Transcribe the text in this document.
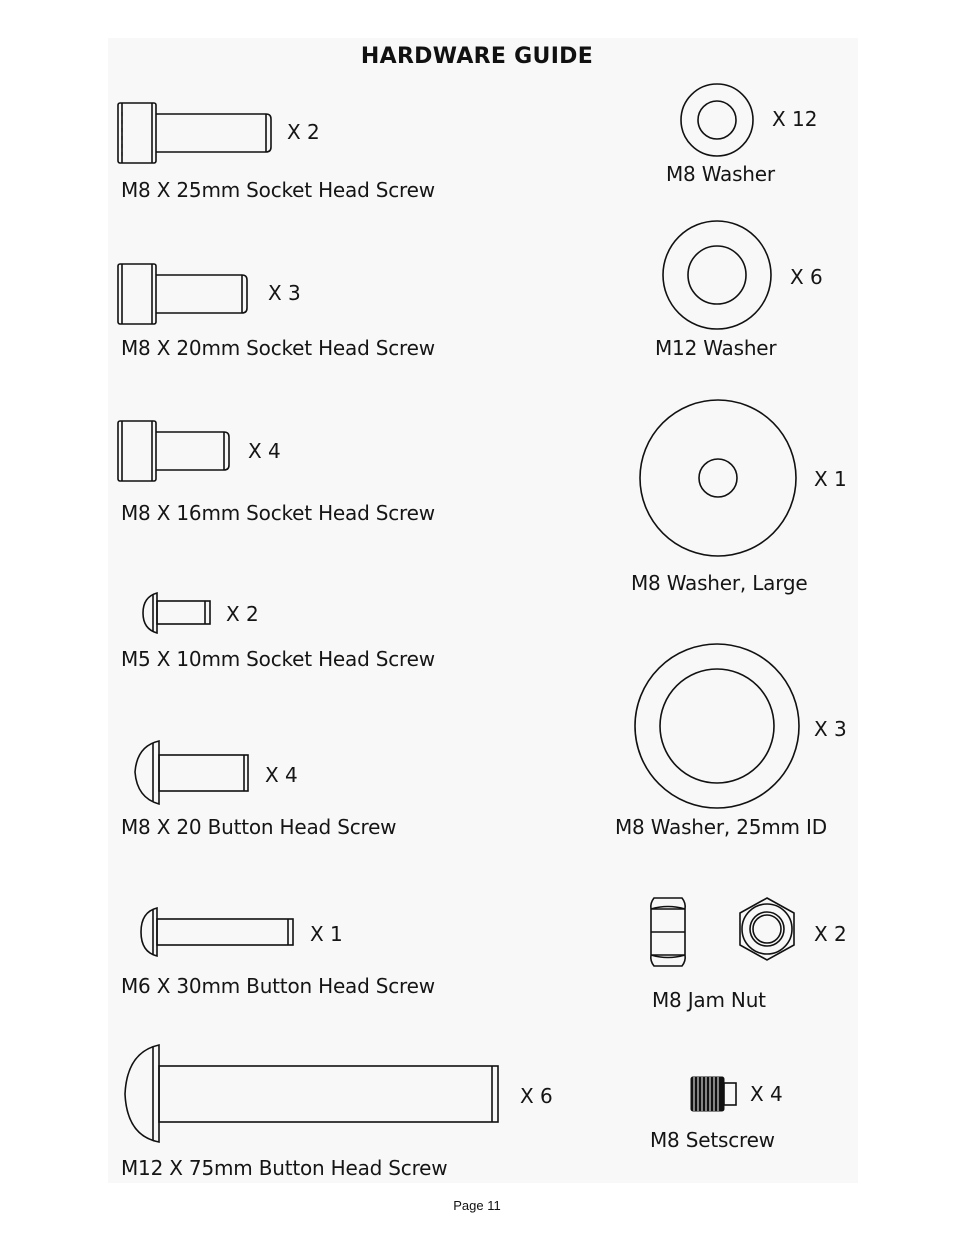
HARDWARE GUIDE
X 2
M8 X 25mm Socket Head Screw
X 3
M8 X 20mm Socket Head Screw
X 4
M8 X 16mm Socket Head Screw
X 2
M5 X 10mm Socket Head Screw
X 4
M8 X 20 Button Head Screw
X 1
M6 X 30mm Button Head Screw
X 6
M12 X 75mm Button Head Screw
X 12
M8 Washer
X 6
M12 Washer
X 1
M8 Washer, Large
X 3
M8 Washer, 25mm ID
X 2
M8 Jam Nut
X 4
M8 Setscrew
Page 11
